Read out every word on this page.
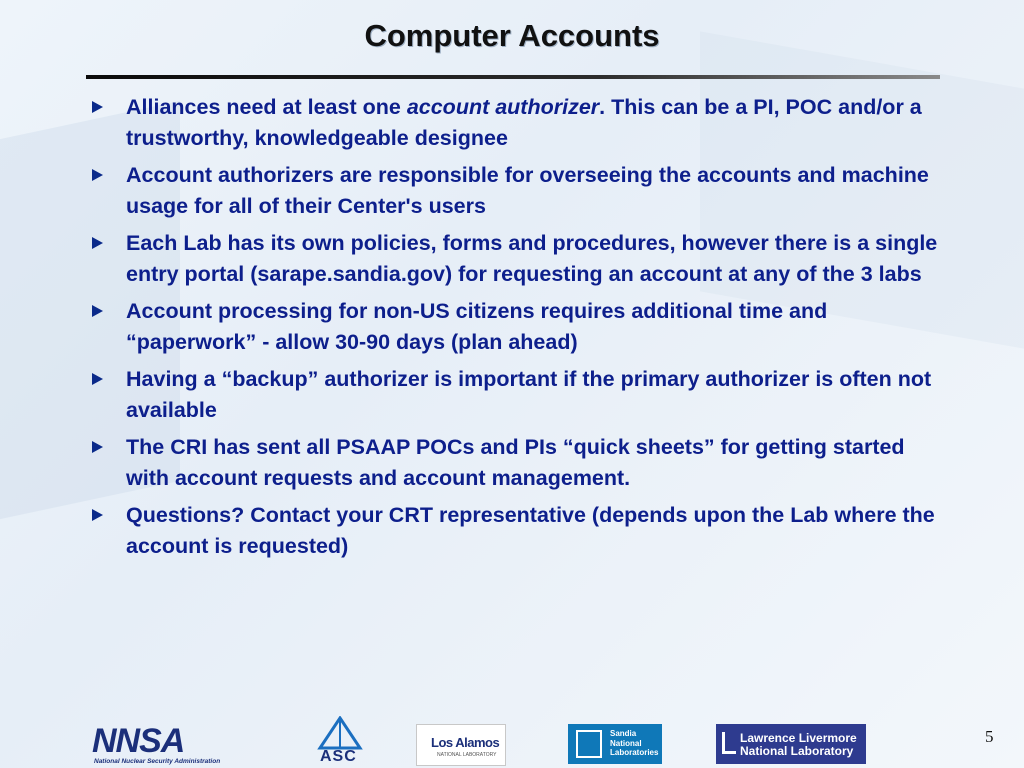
Computer Accounts
Alliances need at least one account authorizer. This can be a PI, POC and/or a trustworthy, knowledgeable designee
Account authorizers are responsible for overseeing the accounts and machine usage for all of their Center's users
Each Lab has its own policies, forms and procedures, however there is a single entry portal (sarape.sandia.gov) for requesting an account at any of the 3 labs
Account processing for non-US citizens requires additional time and “paperwork” - allow 30-90 days (plan ahead)
Having a “backup” authorizer is important if the primary authorizer is often not available
The CRI has sent all PSAAP POCs and PIs “quick sheets” for getting started with account requests and account management.
Questions? Contact your CRT representative (depends upon the Lab where the account is requested)
NNSA
National Nuclear Security Administration	ASC
Los Alamos
NATIONAL LABORATORY
Sandia
National
Laboratories
Lawrence Livermore
National Laboratory
5
